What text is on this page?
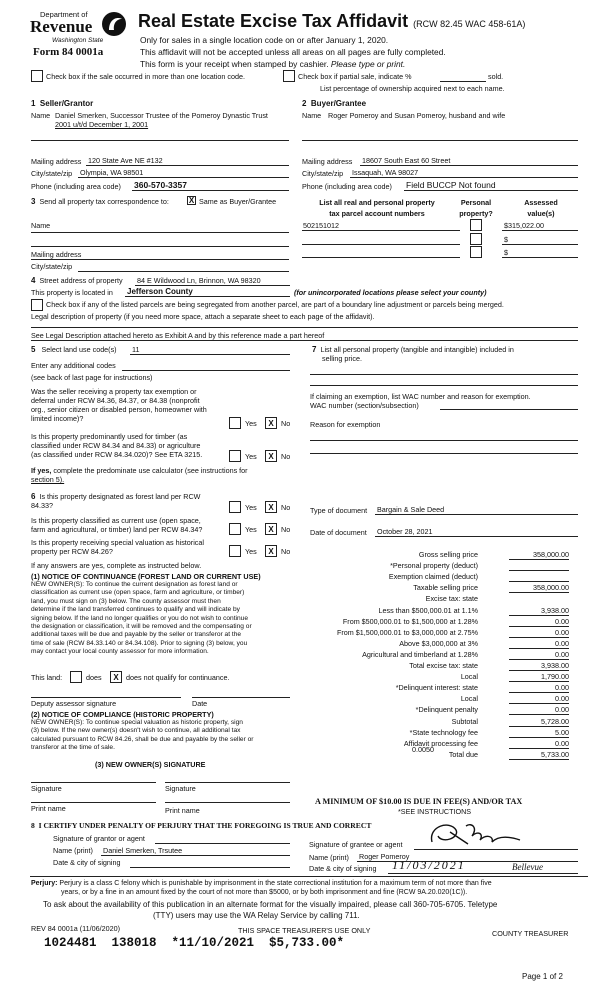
Department of
Revenue
Washington State
Form 84 0001a
Real Estate Excise Tax Affidavit (RCW 82.45 WAC 458-61A)
Only for sales in a single location code on or after January 1, 2020.
This affidavit will not be accepted unless all areas on all pages are fully completed.
This form is your receipt when stamped by cashier. Please type or print.
Check box if the sale occurred in more than one location code.	Check box if partial sale, indicate %	sold.
List percentage of ownership acquired next to each name.
1 Seller/Grantor
Name Daniel Smerken, Successor Trustee of the Pomeroy Dynastic Trust
2001 u/t/d December 1, 2001
Mailing address 120 State Ave NE #132
City/state/zip Olympia, WA 98501
Phone (including area code) 360-570-3357
2 Buyer/Grantee
Name Roger Pomeroy and Susan Pomeroy, husband and wife
Mailing address 18607 South East 60 Street
City/state/zip Issaquah, WA 98027
Phone (including area code) Field BUCCP Not found
3 Send all property tax correspondence to: X Same as Buyer/Grantee
Name
Mailing address
City/state/zip
List all real and personal property
tax parcel account numbers
Personal
property?
Assessed
value(s)
502151012	$315,022.00
$
$
4 Street address of property 84 E Wildwood Ln, Brinnon, WA 98320
This property is located in Jefferson County	(for unincorporated locations please select your county)
Check box if any of the listed parcels are being segregated from another parcel, are part of a boundary line adjustment or parcels being merged.
Legal description of property (if you need more space, attach a separate sheet to each page of the affidavit).
See Legal Description attached hereto as Exhibit A and by this reference made a part hereof
5 Select land use code(s) 11
Enter any additional codes
(see back of last page for instructions)
Was the seller receiving a property tax exemption or
deferral under RCW 84.36, 84.37, or 84.38 (nonprofit
org., senior citizen or disabled person, homeowner with
limited income)?
Yes	X	No
Is this property predominantly used for timber (as
classified under RCW 84.34 and 84.33) or agriculture
(as classified under RCW 84.34.020)? See ETA 3215.	Yes	X	No
If yes, complete the predominate use calculator (see instructions for
section 5).
6 Is this property designated as forest land per RCW
84.33?	Yes	X	No
Is this property classified as current use (open space,
farm and agricultural, or timber) land per RCW 84.34?	Yes	X	No
Is this property receiving special valuation as historical
property per RCW 84.26?	Yes	X	No
If any answers are yes, complete as instructed below.
(1) NOTICE OF CONTINUANCE (FOREST LAND OR CURRENT USE)
NEW OWNER(S): To continue the current designation as forest land or
classification as current use (open space, farm and agriculture, or timber)
land, you must sign on (3) below. The county assessor must then
determine if the land transferred continues to qualify and will indicate by
signing below. If the land no longer qualifies or you do not wish to continue
the designation or classification, it will be removed and the compensating or
additional taxes will be due and payable by the seller or transferor at the
time of sale (RCW 84.33.140 or 84.34.108). Prior to signing (3) below, you
may contact your local county assessor for more information.
This land:	does	X	does not qualify for continuance.
Deputy assessor signature	Date
(2) NOTICE OF COMPLIANCE (HISTORIC PROPERTY)
NEW OWNER(S): To continue special valuation as historic property, sign
(3) below. If the new owner(s) doesn't wish to continue, all additional tax
calculated pursuant to RCW 84.26, shall be due and payable by the seller or
transferor at the time of sale.
(3) NEW OWNER(S) SIGNATURE
Signature	Signature
Print name	Print name
7 List all personal property (tangible and intangible) included in
selling price.
If claiming an exemption, list WAC number and reason for exemption.
WAC number (section/subsection)
Reason for exemption
Type of document Bargain & Sale Deed
Date of document October 28, 2021
Gross selling price	358,000.00
*Personal property (deduct)
Exemption claimed (deduct)
Taxable selling price	358,000.00
Excise tax: state
Less than $500,000.01 at 1.1%	3,938.00
From $500,000.01 to $1,500,000 at 1.28%	0.00
From $1,500,000.01 to $3,000,000 at 2.75%	0.00
Above $3,000,000 at 3%	0.00
Agricultural and timberland at 1.28%	0.00
Total excise tax: state	3,938.00
Local	1,790.00
*Delinquent interest: state	0.00
Local	0.00
*Delinquent penalty	0.00
Subtotal	5,728.00
*State technology fee	5.00
Affidavit processing fee	0.00
Total due	5,733.00
0.0050
A MINIMUM OF $10.00 IS DUE IN FEE(S) AND/OR TAX
*SEE INSTRUCTIONS
8 I CERTIFY UNDER PENALTY OF PERJURY THAT THE FOREGOING IS TRUE AND CORRECT
Signature of grantor or agent
Name (print) Daniel Smerken, Trsutee
Date & city of signing
Signature of grantee or agent
Name (print) Roger Pomeroy
Date & city of signing 11/03/2021	Bellevue
Perjury: Perjury is a class C felony which is punishable by imprisonment in the state correctional institution for a maximum term of not more than five
years, or by a fine in an amount fixed by the court of not more than $5000, or by both imprisonment and fine (RCW 9A.20.020(1C)).
To ask about the availability of this publication in an alternate format for the visually impaired, please call 360-705-6705. Teletype
(TTY) users may use the WA Relay Service by calling 711.
REV 84 0001a (11/06/2020)	THIS SPACE TREASURER'S USE ONLY	COUNTY TREASURER
1024481  138018  *11/10/2021  $5,733.00*
Page 1 of 2
